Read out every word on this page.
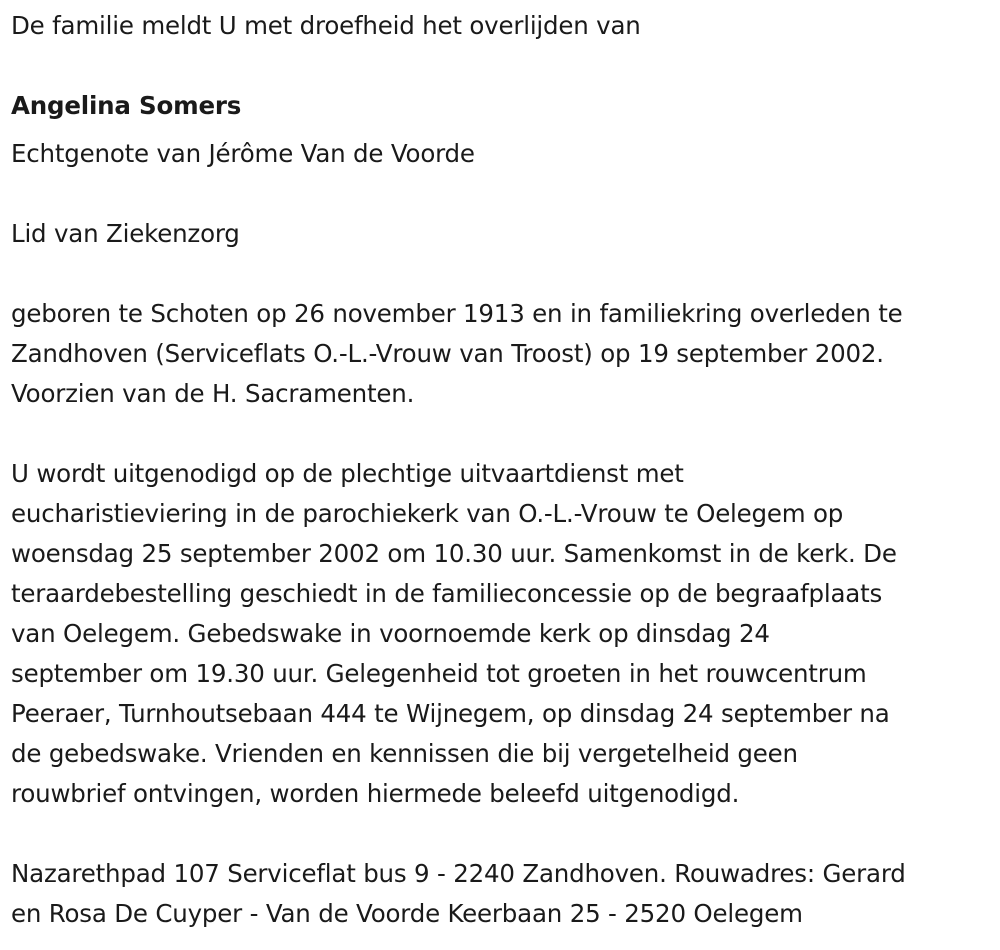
De familie meldt U met droefheid het overlijden van
Angelina Somers
Echtgenote van Jérôme Van de Voorde
Lid van Ziekenzorg
geboren te Schoten op 26 november 1913 en in familiekring overleden te
Zandhoven (Serviceflats O.-L.-Vrouw van Troost) op 19 september 2002.
Voorzien van de H. Sacramenten.
U wordt uitgenodigd op de plechtige uitvaartdienst met
eucharistieviering in de parochiekerk van O.-L.-Vrouw te Oelegem op
woensdag 25 september 2002 om 10.30 uur. Samenkomst in de kerk. De
teraardebestelling geschiedt in de familieconcessie op de begraafplaats
van Oelegem. Gebedswake in voornoemde kerk op dinsdag 24
september om 19.30 uur. Gelegenheid tot groeten in het rouwcentrum
Peeraer, Turnhoutsebaan 444 te Wijnegem, op dinsdag 24 september na
de gebedswake. Vrienden en kennissen die bij vergetelheid geen
rouwbrief ontvingen, worden hiermede beleefd uitgenodigd.
Nazarethpad 107 Serviceflat bus 9 - 2240 Zandhoven. Rouwadres: Gerard
en Rosa De Cuyper - Van de Voorde Keerbaan 25 - 2520 Oelegem
